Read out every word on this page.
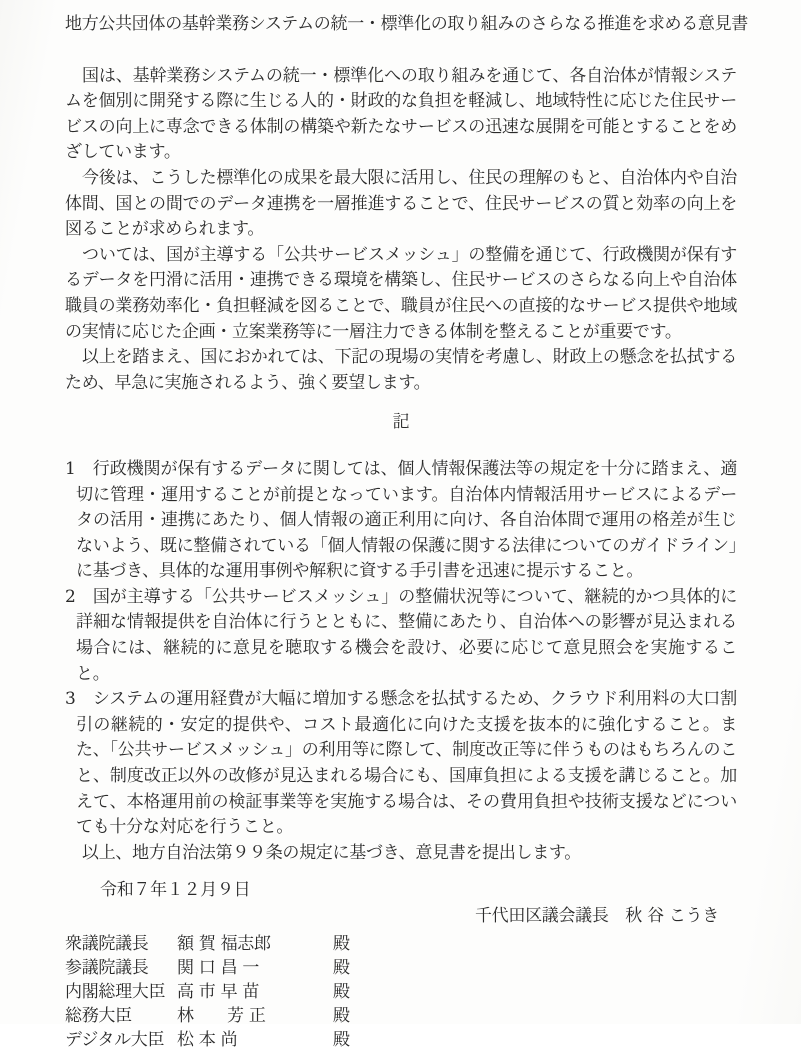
地方公共団体の基幹業務システムの統一・標準化の取り組みのさらなる推進を求める意見書

国は、基幹業務システムの統一・標準化への取り組みを通じて、各自治体が情報システムを個別に開発する際に生じる人的・財政的な負担を軽減し、地域特性に応じた住民サービスの向上に専念できる体制の構築や新たなサービスの迅速な展開を可能とすることをめざしています。

今後は、こうした標準化の成果を最大限に活用し、住民の理解のもと、自治体内や自治体間、国との間でのデータ連携を一層推進することで、住民サービスの質と効率の向上を図ることが求められます。

ついては、国が主導する「公共サービスメッシュ」の整備を通じて、行政機関が保有するデータを円滑に活用・連携できる環境を構築し、住民サービスのさらなる向上や自治体職員の業務効率化・負担軽減を図ることで、職員が住民への直接的なサービス提供や地域の実情に応じた企画・立案業務等に一層注力できる体制を整えることが重要です。

以上を踏まえ、国におかれては、下記の現場の実情を考慮し、財政上の懸念を払拭するため、早急に実施されるよう、強く要望します。

記
1 行政機関が保有するデータに関しては、個人情報保護法等の規定を十分に踏まえ、適切に管理・運用することが前提となっています。自治体内情報活用サービスによるデータの活用・連携にあたり、個人情報の適正利用に向け、各自治体間で運用の格差が生じないよう、既に整備されている「個人情報の保護に関する法律についてのガイドライン」に基づき、具体的な運用事例や解釈に資する手引書を迅速に提示すること。
2 国が主導する「公共サービスメッシュ」の整備状況等について、継続的かつ具体的に詳細な情報提供を自治体に行うとともに、整備にあたり、自治体への影響が見込まれる場合には、継続的に意見を聴取する機会を設け、必要に応じて意見照会を実施すること。
3 システムの運用経費が大幅に増加する懸念を払拭するため、クラウド利用料の大口割引の継続的・安定的提供や、コスト最適化に向けた支援を抜本的に強化すること。また、「公共サービスメッシュ」の利用等に際して、制度改正等に伴うものはもちろんのこと、制度改正以外の改修が見込まれる場合にも、国庫負担による支援を講じること。加えて、本格運用前の検証事業等を実施する場合は、その費用負担や技術支援などについても十分な対応を行うこと。

以上、地方自治法第９９条の規定に基づき、意見書を提出します。

令和７年１２月９日
千代田区議会議長　秋 谷 こうき
衆議院議長	額 賀 福志郎	殿
参議院議長	関 口 昌 一	殿
内閣総理大臣 高 市 早 苗	殿
総務大臣	林　　芳 正	殿
デジタル大臣 松 本 尚	殿
